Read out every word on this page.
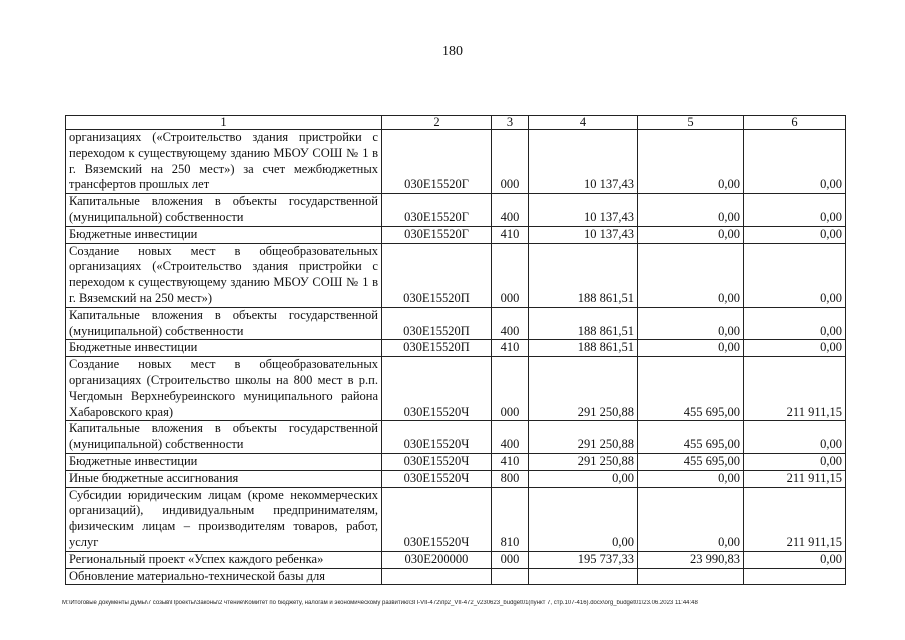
180
1	2	3	4	5	6
организациях («Строительство здания пристройки с переходом к существующему зданию МБОУ СОШ № 1 в г. Вяземский на 250 мест») за счет межбюджетных трансфертов прошлых лет	030Е15520Г	000	10 137,43	0,00	0,00
Капитальные вложения в объекты государственной (муниципальной) собственности	030Е15520Г	400	10 137,43	0,00	0,00
Бюджетные инвестиции	030Е15520Г	410	10 137,43	0,00	0,00
Создание новых мест в общеобразовательных организациях («Строительство здания пристройки с переходом к существующему зданию МБОУ СОШ № 1 в г. Вяземский на 250 мест»)	030Е15520П	000	188 861,51	0,00	0,00
Капитальные вложения в объекты государственной (муниципальной) собственности	030Е15520П	400	188 861,51	0,00	0,00
Бюджетные инвестиции	030Е15520П	410	188 861,51	0,00	0,00
Создание новых мест в общеобразовательных организациях (Строительство школы на 800 мест в р.п. Чегдомын Верхнебуреинского муниципального района Хабаровского края)	030Е15520Ч	000	291 250,88	455 695,00	211 911,15
Капитальные вложения в объекты государственной (муниципальной) собственности	030Е15520Ч	400	291 250,88	455 695,00	0,00
Бюджетные инвестиции	030Е15520Ч	410	291 250,88	455 695,00	0,00
Иные бюджетные ассигнования	030Е15520Ч	800	0,00	0,00	211 911,15
Субсидии юридическим лицам (кроме некоммерческих организаций), индивидуальным предпринимателям, физическим лицам – производителям товаров, работ, услуг	030Е15520Ч	810	0,00	0,00	211 911,15
Региональный проект «Успех каждого ребенка»	030Е200000	000	195 737,33	23 990,83	0,00
Обновление материально-технической базы для					
M:\Итоговые документы Думы\7 созыв\Проекты\Законы\2 чтение\Комитет по бюджету, налогам и экономическому развитию\ЗП-VII-472\пр2_VII-472_v230623_budget01(пункт 7, стр.107-416).docx\org_budget01\23.06.2023 11:44:48
